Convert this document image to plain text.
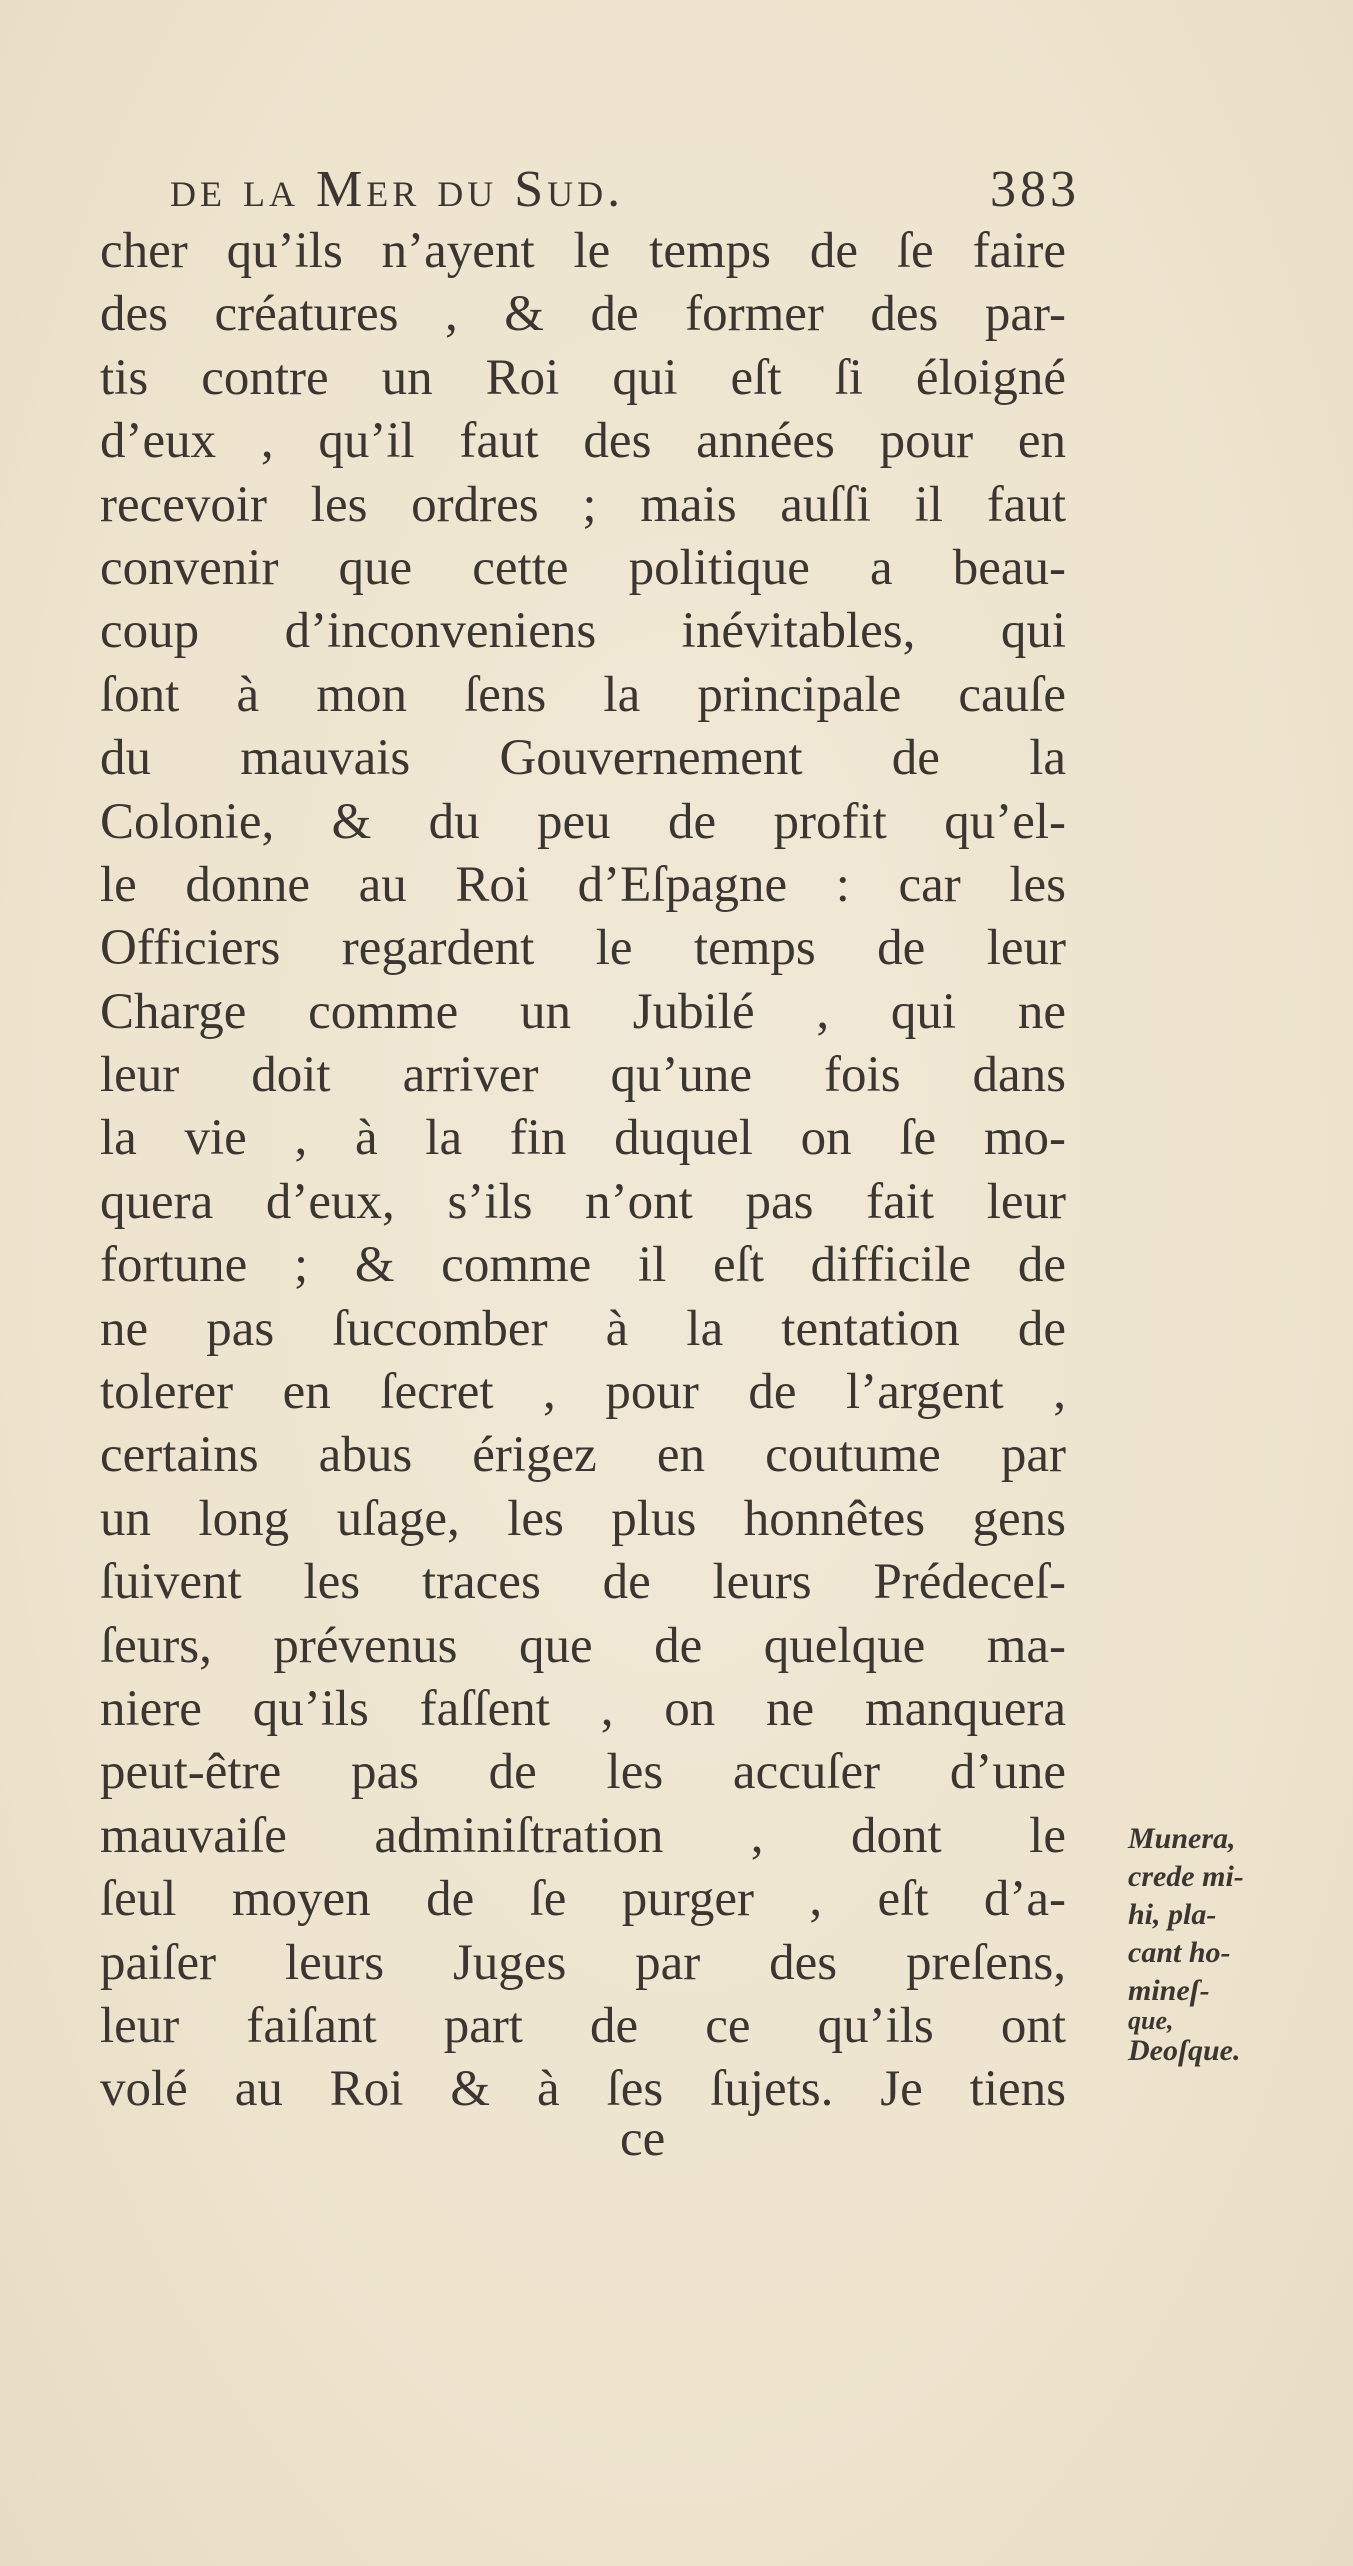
de la Mer du Sud.	383
cher qu’ils n’ayent le temps de ſe faire
des créatures , & de former des par-
tis contre un Roi qui eſt ſi éloigné
d’eux , qu’il faut des années pour en
recevoir les ordres ; mais auſſi il faut
convenir que cette politique a beau-
coup d’inconveniens inévitables, qui
ſont à mon ſens la principale cauſe
du mauvais Gouvernement de la
Colonie, & du peu de profit qu’el-
le donne au Roi d’Eſpagne : car les
Officiers regardent le temps de leur
Charge comme un Jubilé , qui ne
leur doit arriver qu’une fois dans
la vie , à la fin duquel on ſe mo-
quera d’eux, s’ils n’ont pas fait leur
fortune ; & comme il eſt difficile de
ne pas ſuccomber à la tentation de
tolerer en ſecret , pour de l’argent ,
certains abus érigez en coutume par
un long uſage, les plus honnêtes gens
ſuivent les traces de leurs Prédeceſ-
ſeurs, prévenus que de quelque ma-
niere qu’ils faſſent , on ne manquera
peut-être pas de les accuſer d’une
mauvaiſe adminiſtration , dont le
ſeul moyen de ſe purger , eſt d’a-
paiſer leurs Juges par des preſens,
leur faiſant part de ce qu’ils ont
volé au Roi & à ſes ſujets. Je tiens
ce
Munera,
crede mi-
hi, pla-
cant ho-
mineſ-
que,
Deoſque.
